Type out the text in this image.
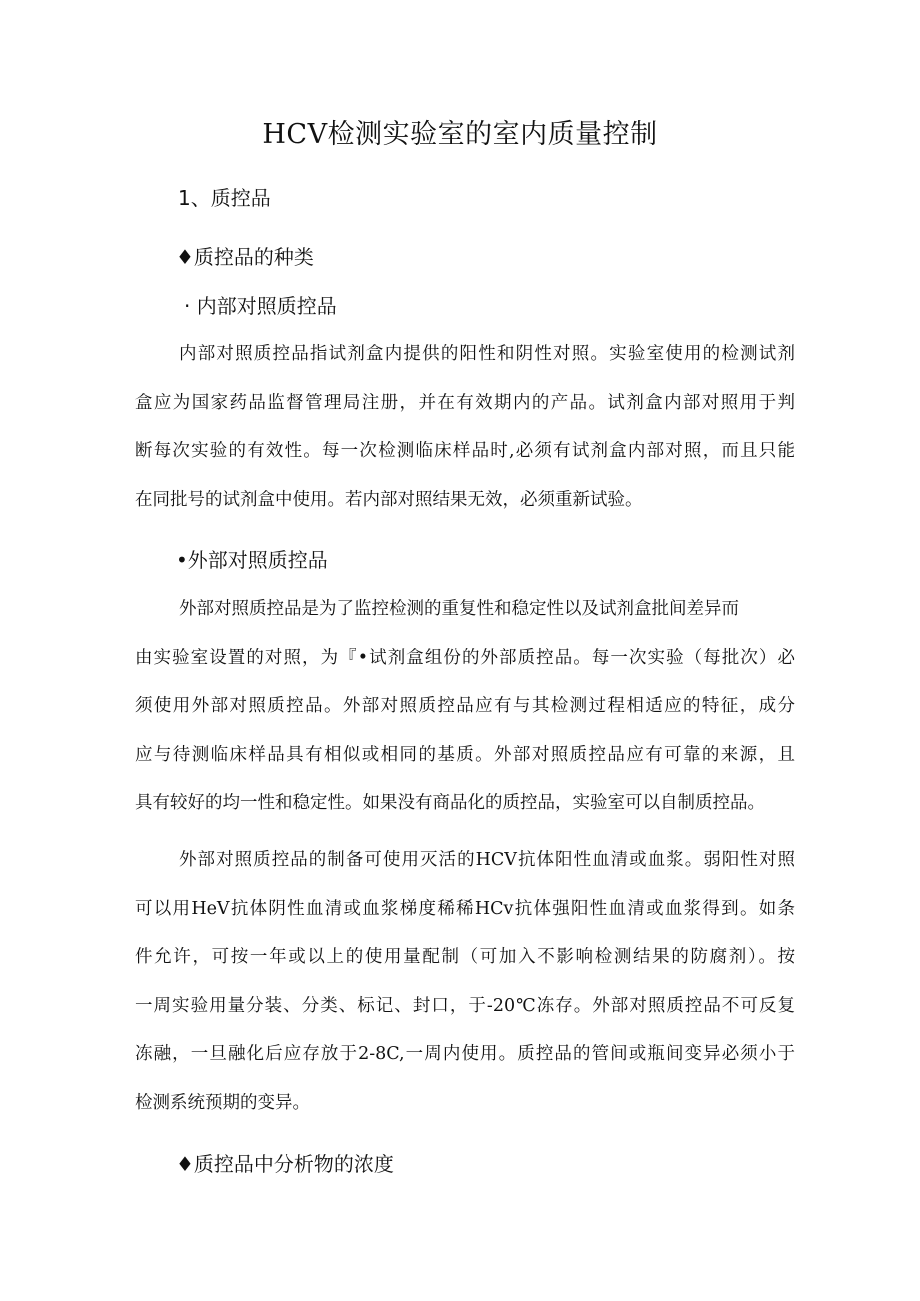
HCV检测实验室的室内质量控制
1、质控品
♦质控品的种类
· 内部对照质控品
内部对照质控品指试剂盒内提供的阳性和阴性对照。实验室使用的检测试剂
盒应为国家药品监督管理局注册，并在有效期内的产品。试剂盒内部对照用于判
断每次实验的有效性。每一次检测临床样品时,必须有试剂盒内部对照，而且只能
在同批号的试剂盒中使用。若内部对照结果无效，必须重新试验。
•外部对照质控品
外部对照质控品是为了监控检测的重复性和稳定性以及试剂盒批间差异而
由实验室设置的对照，为『•试剂盒组份的外部质控品。每一次实验（每批次）必
须使用外部对照质控品。外部对照质控品应有与其检测过程相适应的特征，成分
应与待测临床样品具有相似或相同的基质。外部对照质控品应有可靠的来源，且
具有较好的均一性和稳定性。如果没有商品化的质控品，实验室可以自制质控品。
外部对照质控品的制备可使用灭活的HCV抗体阳性血清或血浆。弱阳性对照
可以用HeV抗体阴性血清或血浆梯度稀稀HCv抗体强阳性血清或血浆得到。如条
件允许，可按一年或以上的使用量配制（可加入不影响检测结果的防腐剂）。按
一周实验用量分装、分类、标记、封口，于-20℃冻存。外部对照质控品不可反复
冻融，一旦融化后应存放于2-8C,一周内使用。质控品的管间或瓶间变异必须小于
检测系统预期的变异。
♦质控品中分析物的浓度
